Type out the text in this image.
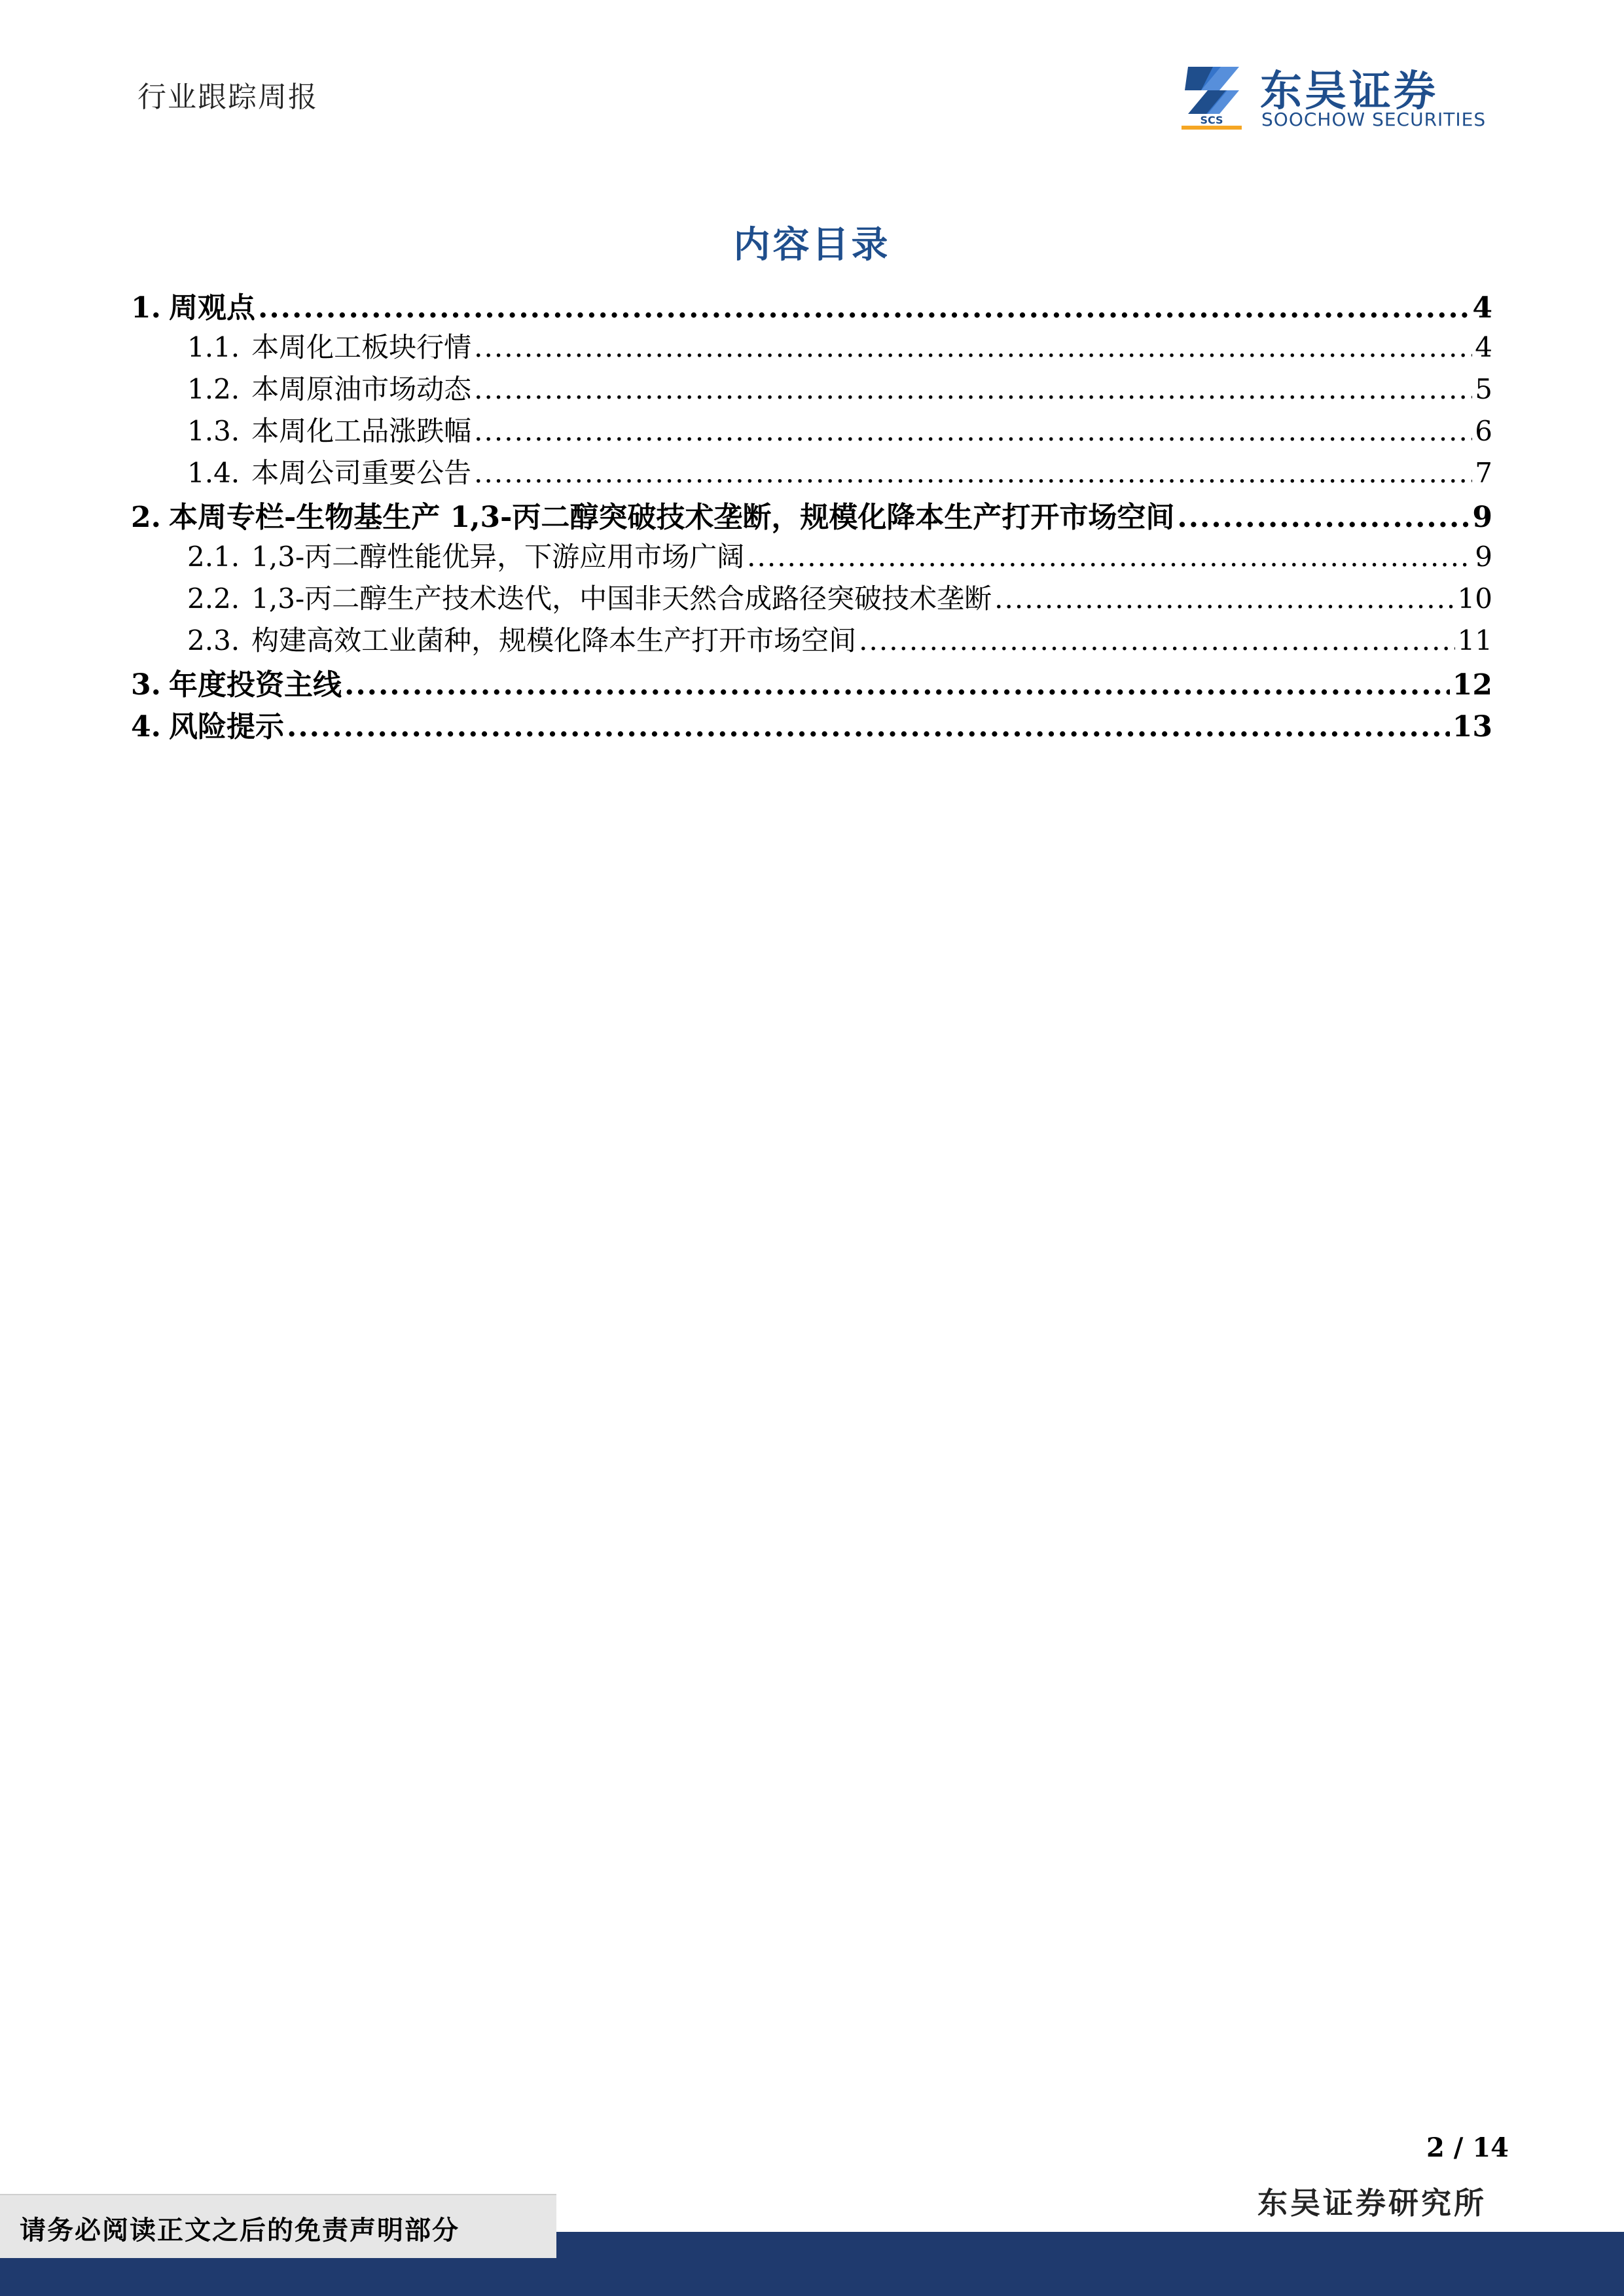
行业跟踪周报
SCS
东吴证券
SOOCHOW SECURITIES
内容目录
1. 周观点 .....	4
1.1. 本周化工板块行情 .....	4
1.2. 本周原油市场动态 .....	5
1.3. 本周化工品涨跌幅 .....	6
1.4. 本周公司重要公告 .....	7
2. 本周专栏-生物基生产 1,3-丙二醇突破技术垄断，规模化降本生产打开市场空间 .....	9
2.1. 1,3-丙二醇性能优异，下游应用市场广阔 .....	9
2.2. 1,3-丙二醇生产技术迭代，中国非天然合成路径突破技术垄断 .....	10
2.3. 构建高效工业菌种，规模化降本生产打开市场空间 .....	11
3. 年度投资主线 .....	12
4. 风险提示 .....	13
2 / 14
东吴证券研究所
请务必阅读正文之后的免责声明部分
